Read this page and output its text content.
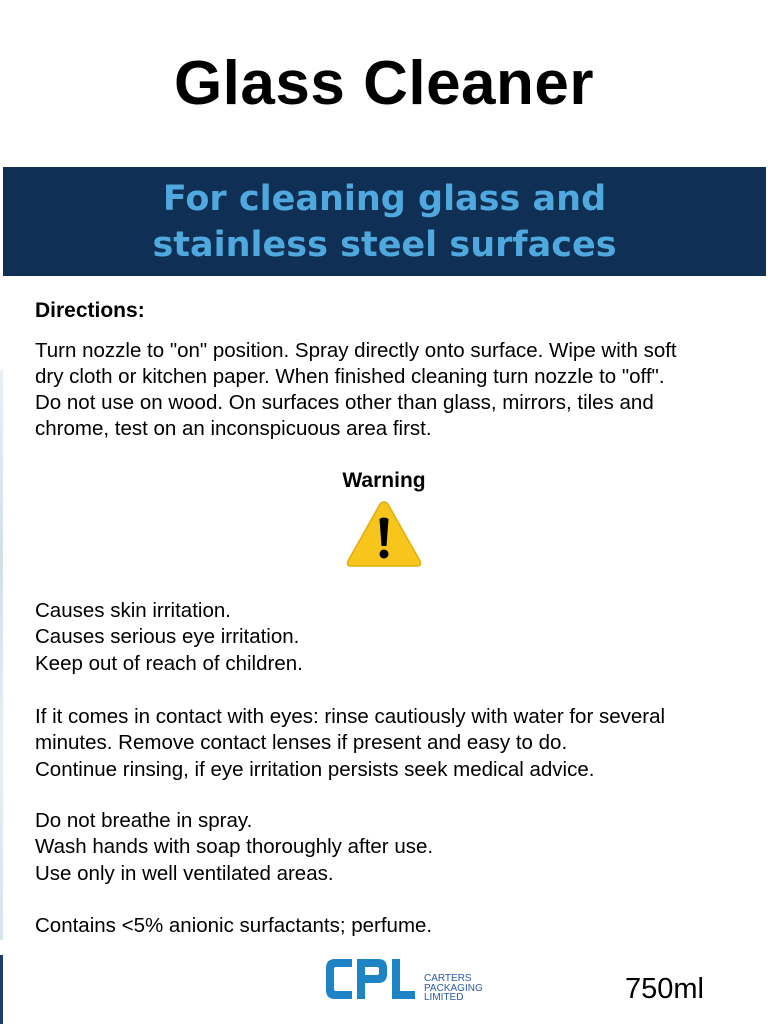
Glass Cleaner
For cleaning glass and stainless steel surfaces
Directions:
Turn nozzle to "on" position. Spray directly onto surface. Wipe with soft
dry cloth or kitchen paper. When finished cleaning turn nozzle to "off".
Do not use on wood. On surfaces other than glass, mirrors, tiles and
chrome, test on an inconspicuous area first.
Warning
Causes skin irritation.
Causes serious eye irritation.
Keep out of reach of children.
If it comes in contact with eyes: rinse cautiously with water for several
minutes. Remove contact lenses if present and easy to do.
Continue rinsing, if eye irritation persists seek medical advice.
Do not breathe in spray.
Wash hands with soap thoroughly after use.
Use only in well ventilated areas.
Contains <5% anionic surfactants; perfume.
CARTERS
PACKAGING
LIMITED	750ml
